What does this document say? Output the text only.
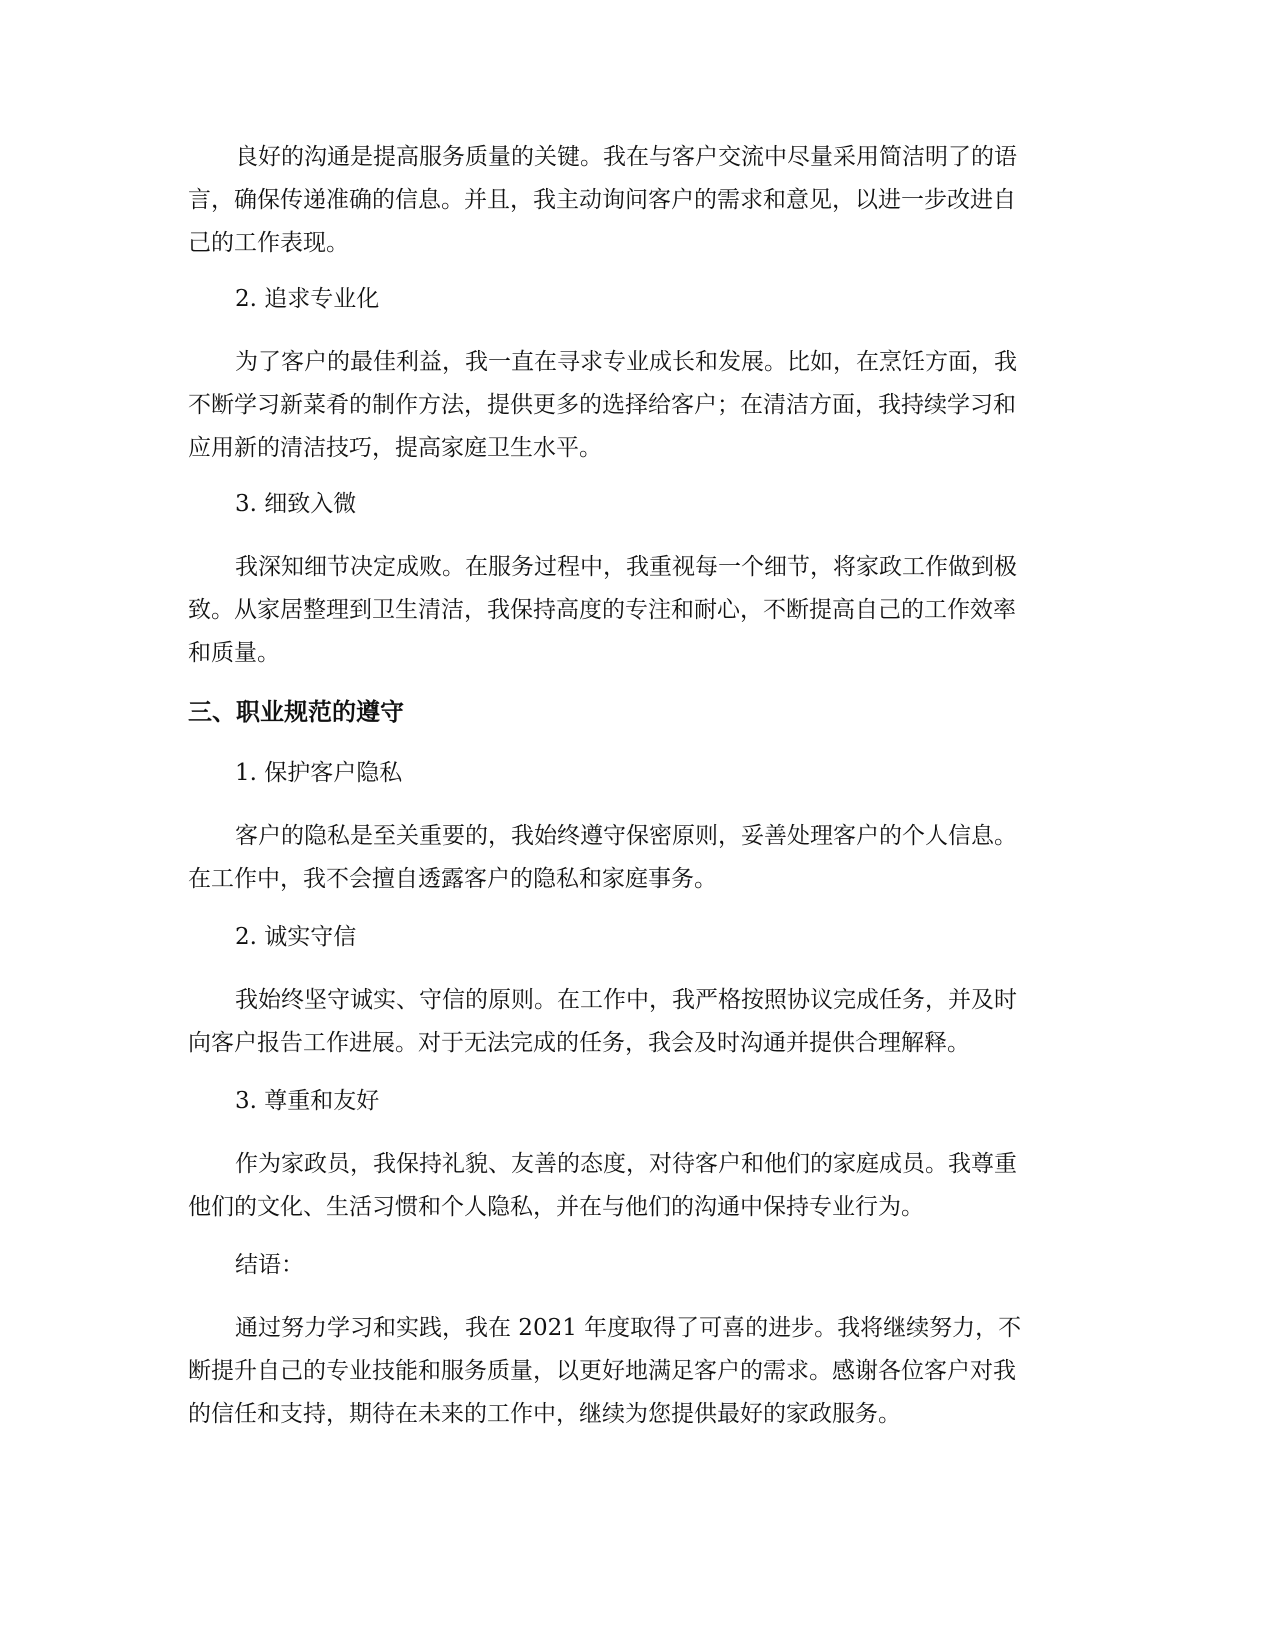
良好的沟通是提高服务质量的关键。我在与客户交流中尽量采用简洁明了的语
言，确保传递准确的信息。并且，我主动询问客户的需求和意见，以进一步改进自
己的工作表现。
2. 追求专业化
为了客户的最佳利益，我一直在寻求专业成长和发展。比如，在烹饪方面，我
不断学习新菜肴的制作方法，提供更多的选择给客户；在清洁方面，我持续学习和
应用新的清洁技巧，提高家庭卫生水平。
3. 细致入微
我深知细节决定成败。在服务过程中，我重视每一个细节，将家政工作做到极
致。从家居整理到卫生清洁，我保持高度的专注和耐心，不断提高自己的工作效率
和质量。
三、职业规范的遵守
1. 保护客户隐私
客户的隐私是至关重要的，我始终遵守保密原则，妥善处理客户的个人信息。
在工作中，我不会擅自透露客户的隐私和家庭事务。
2. 诚实守信
我始终坚守诚实、守信的原则。在工作中，我严格按照协议完成任务，并及时
向客户报告工作进展。对于无法完成的任务，我会及时沟通并提供合理解释。
3. 尊重和友好
作为家政员，我保持礼貌、友善的态度，对待客户和他们的家庭成员。我尊重
他们的文化、生活习惯和个人隐私，并在与他们的沟通中保持专业行为。
结语：
通过努力学习和实践，我在 2021 年度取得了可喜的进步。我将继续努力，不
断提升自己的专业技能和服务质量，以更好地满足客户的需求。感谢各位客户对我
的信任和支持，期待在未来的工作中，继续为您提供最好的家政服务。
